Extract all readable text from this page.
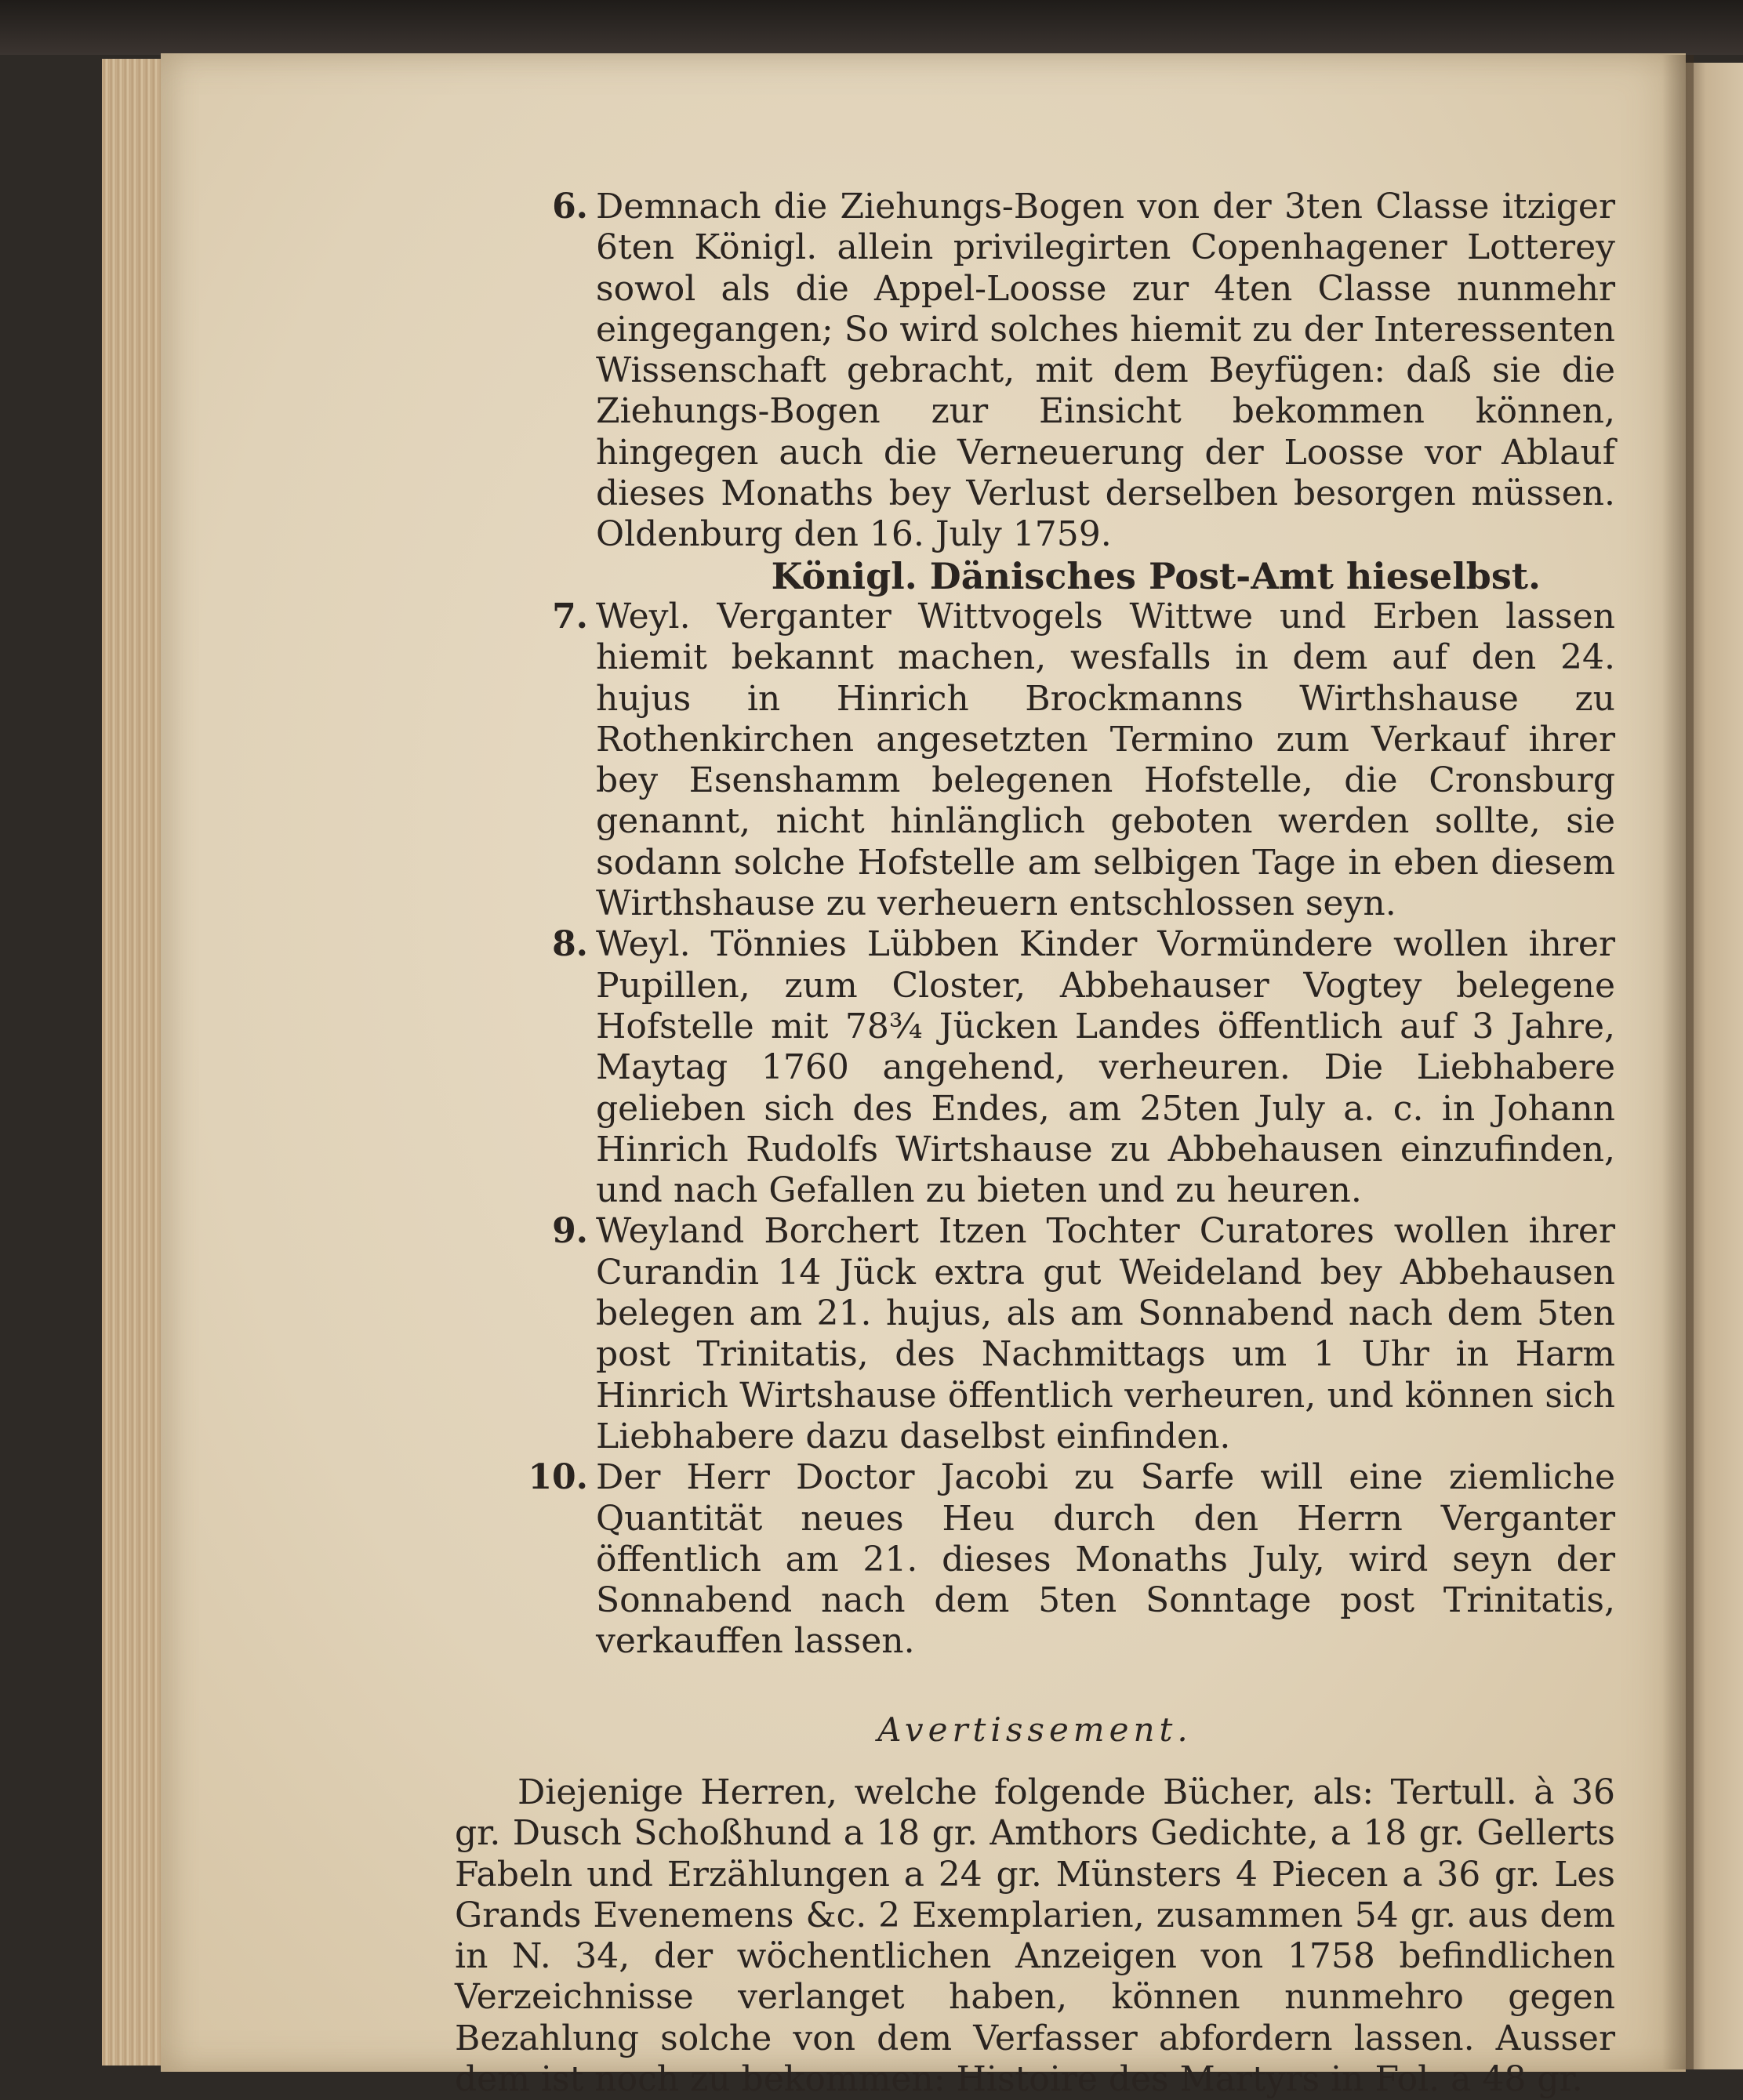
6. Demnach die Ziehungs-Bogen von der 3ten Classe itziger 6ten Königl. allein privilegirten Copenhagener Lotterey sowol als die Appel-Loosse zur 4ten Classe nunmehr eingegangen; So wird solches hiemit zu der Interessenten Wissenschaft gebracht, mit dem Beyfügen: daß sie die Ziehungs-Bogen zur Einsicht bekommen können, hingegen auch die Verneuerung der Loosse vor Ablauf dieses Monaths bey Verlust derselben besorgen müssen. Oldenburg den 16. July 1759.

Königl. Dänisches Post-Amt hieselbst.
7. Weyl. Verganter Wittvogels Wittwe und Erben lassen hiemit bekannt machen, wesfalls in dem auf den 24. hujus in Hinrich Brockmanns Wirthshause zu Rothenkirchen angesetzten Termino zum Verkauf ihrer bey Esenshamm belegenen Hofstelle, die Cronsburg genannt, nicht hinlänglich geboten werden sollte, sie sodann solche Hofstelle am selbigen Tage in eben diesem Wirthshause zu verheuern entschlossen seyn.

8. Weyl. Tönnies Lübben Kinder Vormündere wollen ihrer Pupillen, zum Closter, Abbehauser Vogtey belegene Hofstelle mit 78¾ Jücken Landes öffentlich auf 3 Jahre, Maytag 1760 angehend, verheuren. Die Liebhabere gelieben sich des Endes, am 25ten July a. c. in Johann Hinrich Rudolfs Wirtshause zu Abbehausen einzufinden, und nach Gefallen zu bieten und zu heuren.

9. Weyland Borchert Itzen Tochter Curatores wollen ihrer Curandin 14 Jück extra gut Weideland bey Abbehausen belegen am 21. hujus, als am Sonnabend nach dem 5ten post Trinitatis, des Nachmittags um 1 Uhr in Harm Hinrich Wirtshause öffentlich verheuren, und können sich Liebhabere dazu daselbst einfinden.

10. Der Herr Doctor Jacobi zu Sarfe will eine ziemliche Quantität neues Heu durch den Herrn Verganter öffentlich am 21. dieses Monaths July, wird seyn der Sonnabend nach dem 5ten Sonntage post Trinitatis, verkauffen lassen.

Avertissement.

Diejenige Herren, welche folgende Bücher, als: Tertull. à 36 gr. Dusch Schoßhund a 18 gr. Amthors Gedichte, a 18 gr. Gellerts Fabeln und Erzählungen a 24 gr. Münsters 4 Piecen a 36 gr. Les Grands Evenemens &c. 2 Exemplarien, zusammen 54 gr. aus dem in N. 34, der wöchentlichen Anzeigen von 1758 befindlichen Verzeichnisse verlanget haben, können nunmehro gegen Bezahlung solche von dem Verfasser abfordern lassen. Ausser dem ist noch zu bekommen: Histoire des Martyrs in Fol. a 48 gr.
